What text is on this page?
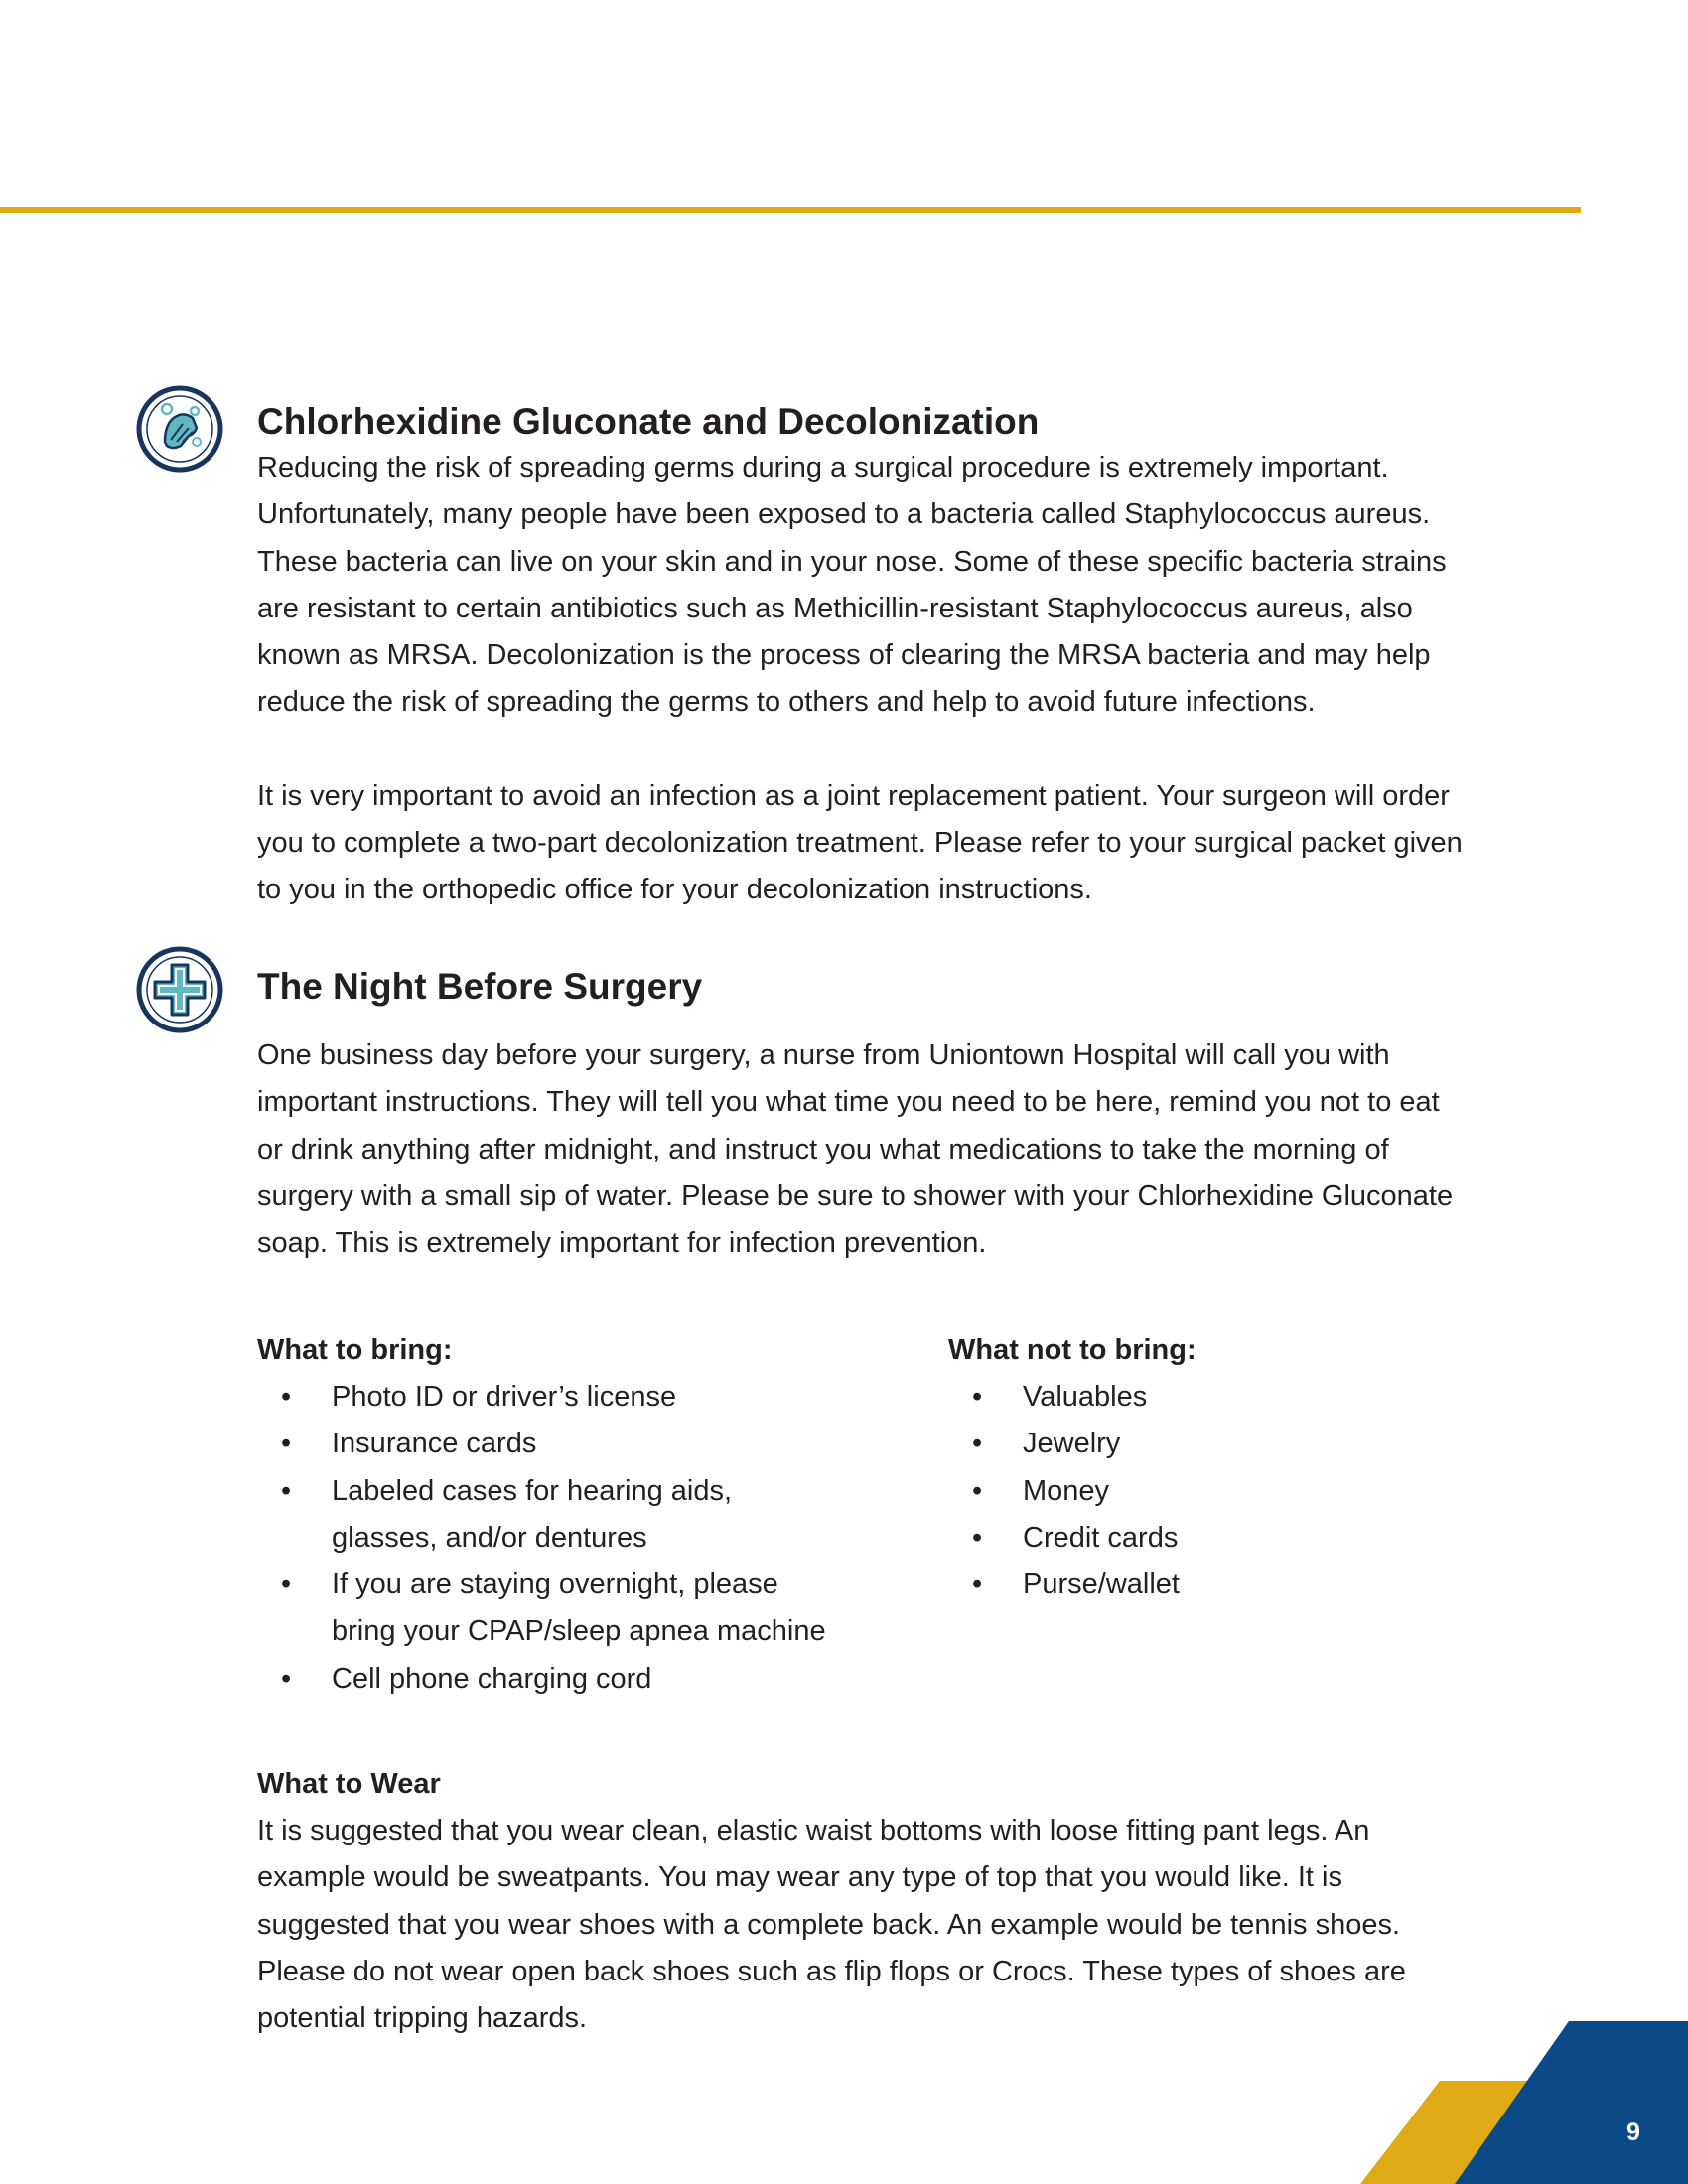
Chlorhexidine Gluconate and Decolonization
Reducing the risk of spreading germs during a surgical procedure is extremely important.
Unfortunately, many people have been exposed to a bacteria called Staphylococcus aureus.
These bacteria can live on your skin and in your nose. Some of these specific bacteria strains
are resistant to certain antibiotics such as Methicillin-resistant Staphylococcus aureus, also
known as MRSA. Decolonization is the process of clearing the MRSA bacteria and may help
reduce the risk of spreading the germs to others and help to avoid future infections.
It is very important to avoid an infection as a joint replacement patient. Your surgeon will order
you to complete a two-part decolonization treatment. Please refer to your surgical packet given
to you in the orthopedic office for your decolonization instructions.
The Night Before Surgery
One business day before your surgery, a nurse from Uniontown Hospital will call you with
important instructions. They will tell you what time you need to be here, remind you not to eat
or drink anything after midnight, and instruct you what medications to take the morning of
surgery with a small sip of water. Please be sure to shower with your Chlorhexidine Gluconate
soap. This is extremely important for infection prevention.
What to bring:
• Photo ID or driver’s license
• Insurance cards
• Labeled cases for hearing aids,
glasses, and/or dentures
• If you are staying overnight, please
bring your CPAP/sleep apnea machine
• Cell phone charging cord
What not to bring:
• Valuables
• Jewelry
• Money
• Credit cards
• Purse/wallet
What to Wear
It is suggested that you wear clean, elastic waist bottoms with loose fitting pant legs. An
example would be sweatpants. You may wear any type of top that you would like. It is
suggested that you wear shoes with a complete back. An example would be tennis shoes.
Please do not wear open back shoes such as flip flops or Crocs. These types of shoes are
potential tripping hazards.
9
